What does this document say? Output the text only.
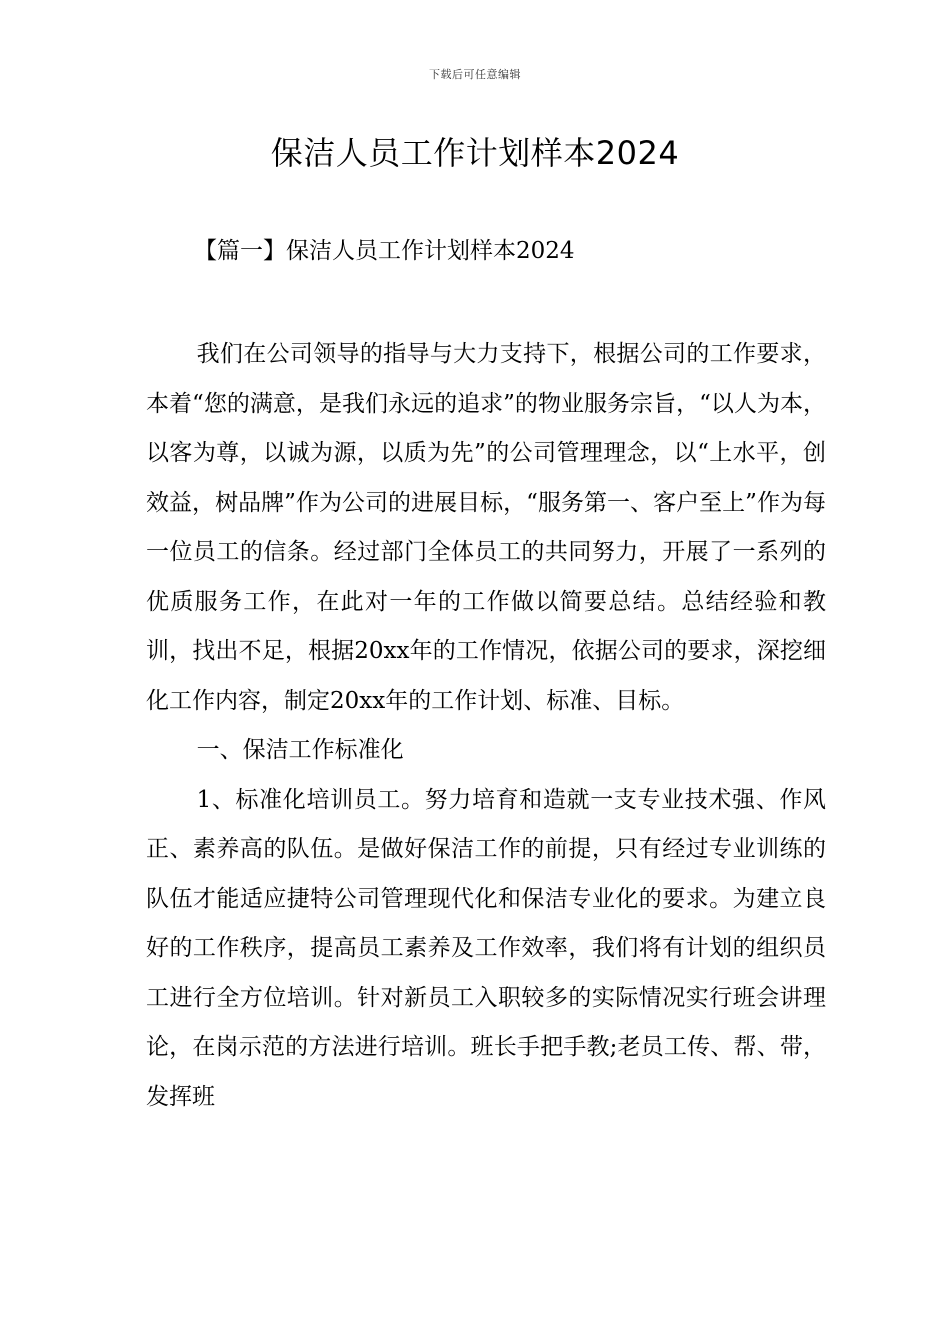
下载后可任意编辑
保洁人员工作计划样本2024
【篇一】保洁人员工作计划样本2024

我们在公司领导的指导与大力支持下，根据公司的工作要求，本着“您的满意，是我们永远的追求”的物业服务宗旨，“以人为本，以客为尊，以诚为源，以质为先”的公司管理理念，以“上水平，创效益，树品牌”作为公司的进展目标，“服务第一、客户至上”作为每一位员工的信条。经过部门全体员工的共同努力，开展了一系列的优质服务工作，在此对一年的工作做以简要总结。总结经验和教训，找出不足，根据20xx年的工作情况，依据公司的要求，深挖细化工作内容，制定20xx年的工作计划、标准、目标。

一、保洁工作标准化

1、标准化培训员工。努力培育和造就一支专业技术强、作风正、素养高的队伍。是做好保洁工作的前提，只有经过专业训练的队伍才能适应捷特公司管理现代化和保洁专业化的要求。为建立良好的工作秩序，提高员工素养及工作效率，我们将有计划的组织员工进行全方位培训。针对新员工入职较多的实际情况实行班会讲理论，在岗示范的方法进行培训。班长手把手教;老员工传、帮、带，发挥班
